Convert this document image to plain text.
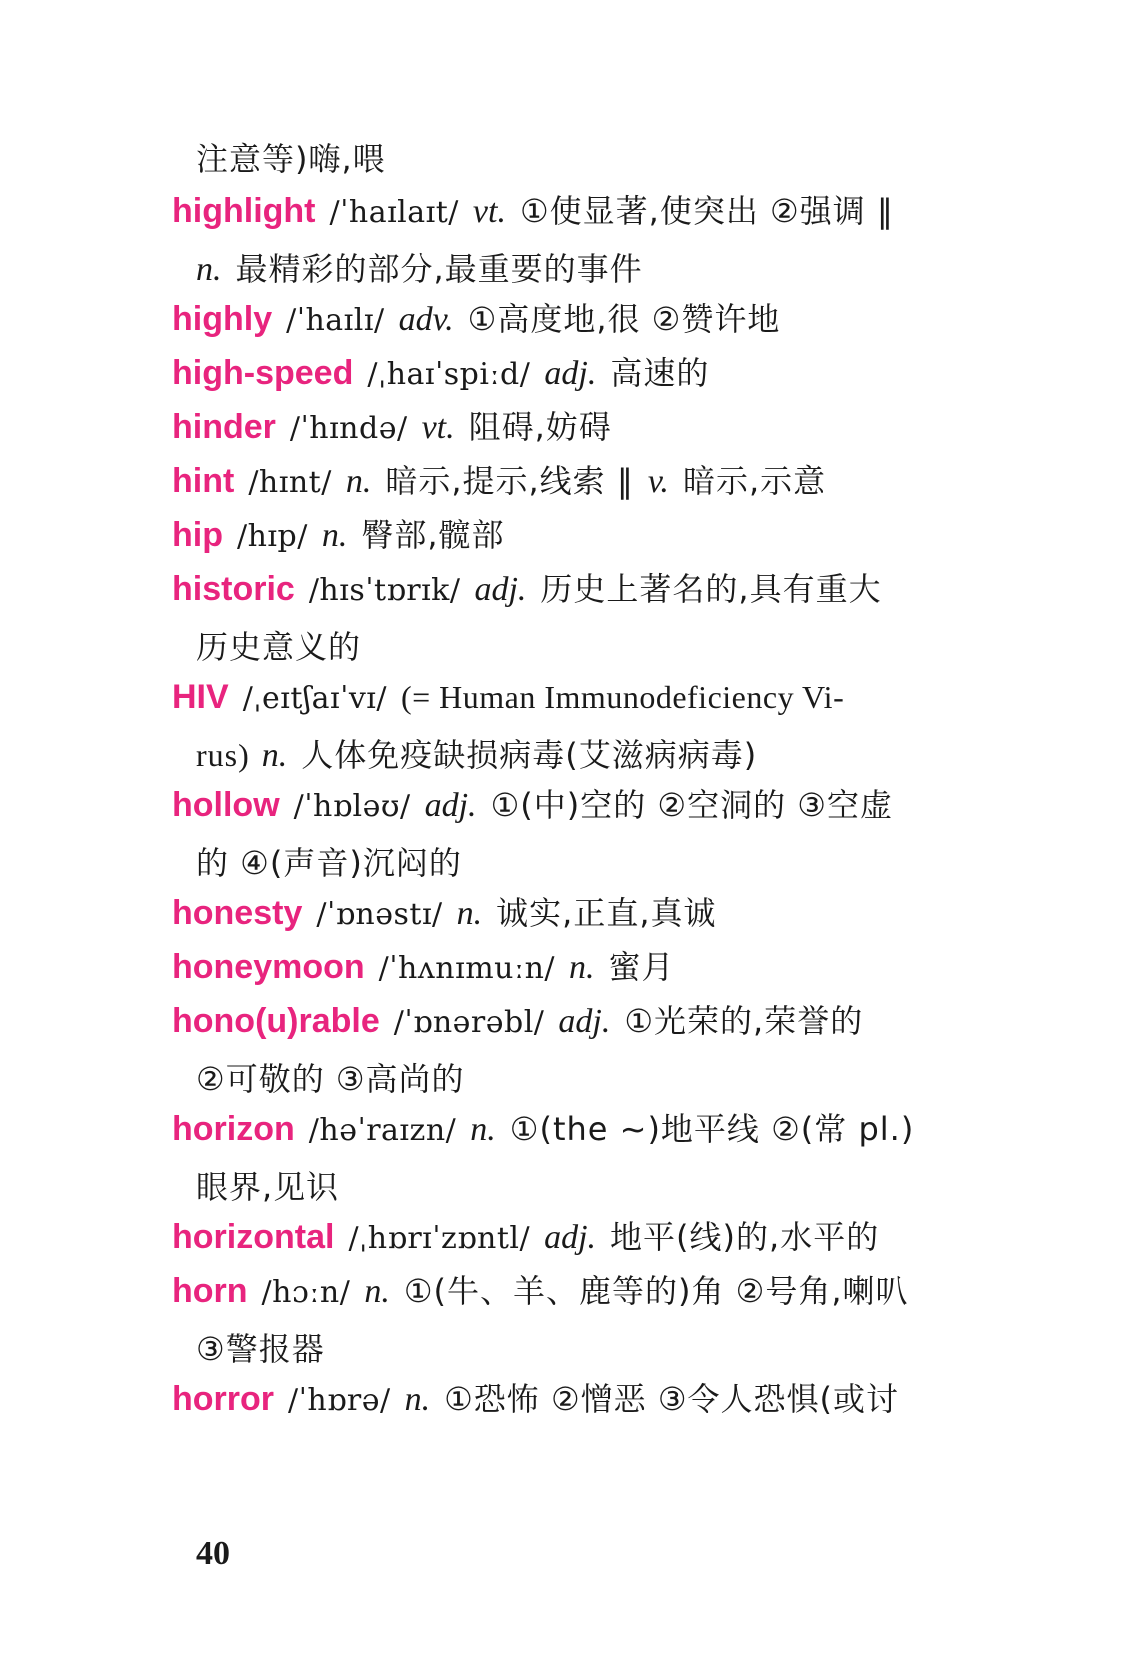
注意等)嗨,喂
highlight /ˈhaɪlaɪt/ vt. ①使显著,使突出 ②强调 ‖
n. 最精彩的部分,最重要的事件
highly /ˈhaɪlɪ/ adv. ①高度地,很 ②赞许地
high-speed /ˌhaɪˈspiːd/ adj. 高速的
hinder /ˈhɪndə/ vt. 阻碍,妨碍
hint /hɪnt/ n. 暗示,提示,线索 ‖ v. 暗示,示意
hip /hɪp/ n. 臀部,髋部
historic /hɪsˈtɒrɪk/ adj. 历史上著名的,具有重大
历史意义的
HIV /ˌeɪtʃaɪˈvɪ/ (= Human Immunodeficiency Vi-
rus) n. 人体免疫缺损病毒(艾滋病病毒)
hollow /ˈhɒləʊ/ adj. ①(中)空的 ②空洞的 ③空虚
的 ④(声音)沉闷的
honesty /ˈɒnəstɪ/ n. 诚实,正直,真诚
honeymoon /ˈhʌnɪmuːn/ n. 蜜月
hono(u)rable /ˈɒnərəbl/ adj. ①光荣的,荣誉的
②可敬的 ③高尚的
horizon /həˈraɪzn/ n. ①(the ~)地平线 ②(常 pl.)
眼界,见识
horizontal /ˌhɒrɪˈzɒntl/ adj. 地平(线)的,水平的
horn /hɔːn/ n. ①(牛、羊、鹿等的)角 ②号角,喇叭
③警报器
horror /ˈhɒrə/ n. ①恐怖 ②憎恶 ③令人恐惧(或讨
40
